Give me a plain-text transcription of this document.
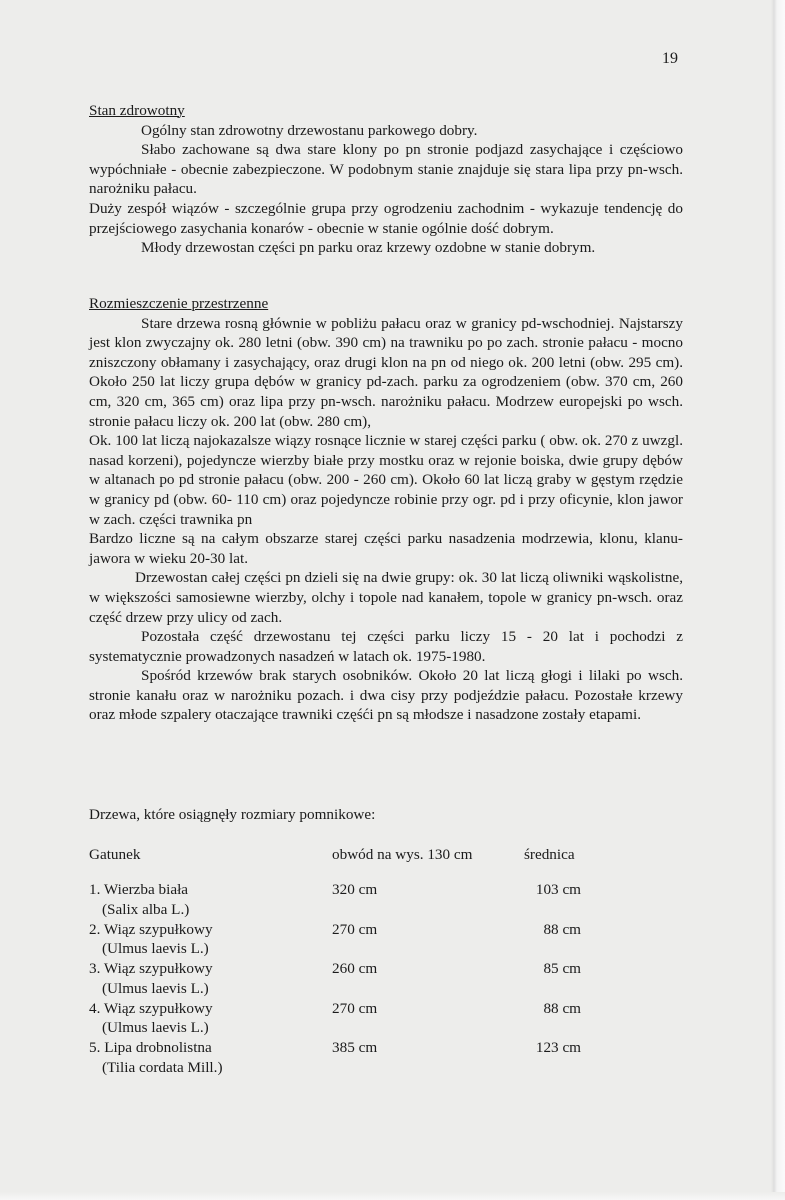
19

Stan zdrowotny

Ogólny stan zdrowotny drzewostanu parkowego dobry.

Słabo zachowane są dwa stare klony po pn stronie podjazd zasychające i częściowo wypóchniałe - obecnie zabezpieczone. W podobnym stanie znajduje się stara lipa przy pn-wsch. narożniku pałacu.

Duży zespół wiązów - szczególnie grupa przy ogrodzeniu zachodnim - wykazuje tendencję do przejściowego zasychania konarów - obecnie w stanie ogólnie dość dobrym.

Młody drzewostan części pn parku oraz krzewy ozdobne w stanie dobrym.

Rozmieszczenie przestrzenne

Stare drzewa rosną głównie w pobliżu pałacu oraz w granicy pd-wschodniej. Najstarszy jest klon zwyczajny ok. 280 letni (obw. 390 cm) na trawniku po po zach. stronie pałacu - mocno zniszczony obłamany i zasychający, oraz drugi klon na pn od niego ok. 200 letni (obw. 295 cm). Około 250 lat liczy grupa dębów w granicy pd-zach. parku za ogrodzeniem (obw. 370 cm, 260 cm, 320 cm, 365 cm) oraz lipa przy pn-wsch. narożniku pałacu. Modrzew europejski po wsch. stronie pałacu liczy ok. 200 lat (obw. 280 cm),

Ok. 100 lat liczą najokazalsze wiązy rosnące licznie w starej części parku ( obw. ok. 270 z uwzgl. nasad korzeni), pojedyncze wierzby białe przy mostku oraz w rejonie boiska, dwie grupy dębów w altanach po pd stronie pałacu (obw. 200 - 260 cm). Około 60 lat liczą graby w gęstym rzędzie w granicy pd (obw. 60- 110 cm) oraz pojedyncze robinie przy ogr. pd i przy oficynie, klon jawor w zach. części trawnika pn

Bardzo liczne są na całym obszarze starej części parku nasadzenia modrzewia, klonu, klanu-jawora w wieku 20-30 lat.

Drzewostan całej części pn dzieli się na dwie grupy: ok. 30 lat liczą oliwniki wąskolistne, w większości samosiewne wierzby, olchy i topole nad kanałem, topole w granicy pn-wsch. oraz część drzew przy ulicy od zach.

Pozostała część drzewostanu tej części parku liczy 15 - 20 lat i pochodzi z systematycznie prowadzonych nasadzeń w latach ok. 1975-1980.

Spośród krzewów brak starych osobników. Około 20 lat liczą głogi i lilaki po wsch. stronie kanału oraz w narożniku pozach. i dwa cisy przy podjeździe pałacu. Pozostałe krzewy oraz młode szpalery otaczające trawniki częśći pn są młodsze i nasadzone zostały etapami.

Drzewa, które osiągnęły rozmiary pomnikowe:
Gatunek	obwód na wys. 130 cm	średnica
1. Wierzba biała
(Salix alba L.)
320 cm	103 cm
2. Wiąz szypułkowy
(Ulmus laevis L.)
270 cm	88 cm
3. Wiąz szypułkowy
(Ulmus laevis L.)
260 cm	85 cm
4. Wiąz szypułkowy
(Ulmus laevis L.)
270 cm	88 cm
5. Lipa drobnolistna
(Tilia cordata Mill.)
385 cm	123 cm
